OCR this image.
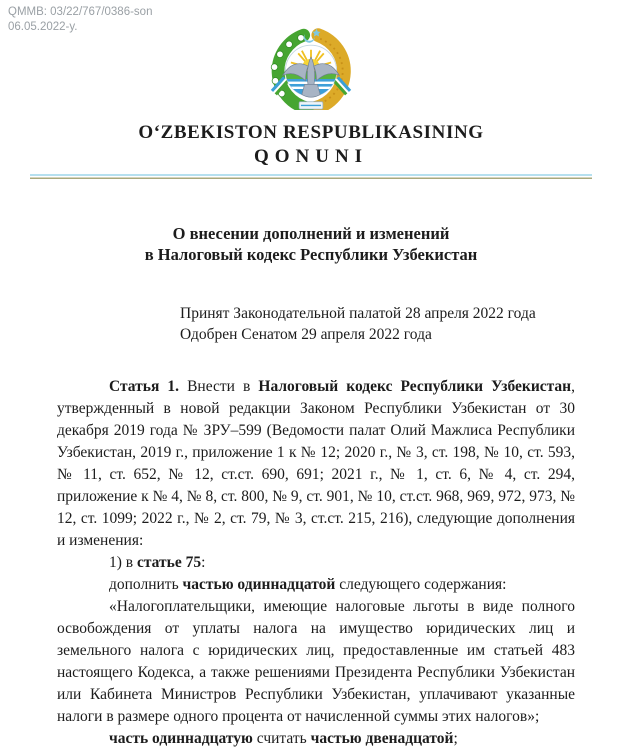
QMMB: 03/22/767/0386-son
06.05.2022-y.
OʻZBEKISTON RESPUBLIKASINING
QONUNI
О внесении дополнений и изменений
в Налоговый кодекс Республики Узбекистан
Принят Законодательной палатой 28 апреля 2022 года
Одобрен Сенатом 29 апреля 2022 года

Статья 1. Внести в Налоговый кодекс Республики Узбекистан, утвержденный в новой редакции Законом Республики Узбекистан от 30 декабря 2019 года № ЗРУ–599 (Ведомости палат Олий Мажлиса Республики Узбекистан, 2019 г., приложение 1 к № 12; 2020 г., № 3, ст. 198, № 10, ст. 593, № 11, ст. 652, № 12, ст.ст. 690, 691; 2021 г., № 1, ст. 6, № 4, ст. 294, приложение к № 4, № 8, ст. 800, № 9, ст. 901, № 10, ст.ст. 968, 969, 972, 973, № 12, ст. 1099; 2022 г., № 2, ст. 79, № 3, ст.ст. 215, 216), следующие дополнения и изменения:

1) в статье 75:

дополнить частью одиннадцатой следующего содержания:

«Налогоплательщики, имеющие налоговые льготы в виде полного освобождения от уплаты налога на имущество юридических лиц и земельного налога с юридических лиц, предоставленные им статьей 483 настоящего Кодекса, а также решениями Президента Республики Узбекистан или Кабинета Министров Республики Узбекистан, уплачивают указанные налоги в размере одного процента от начисленной суммы этих налогов»;

часть одиннадцатую считать частью двенадцатой;
